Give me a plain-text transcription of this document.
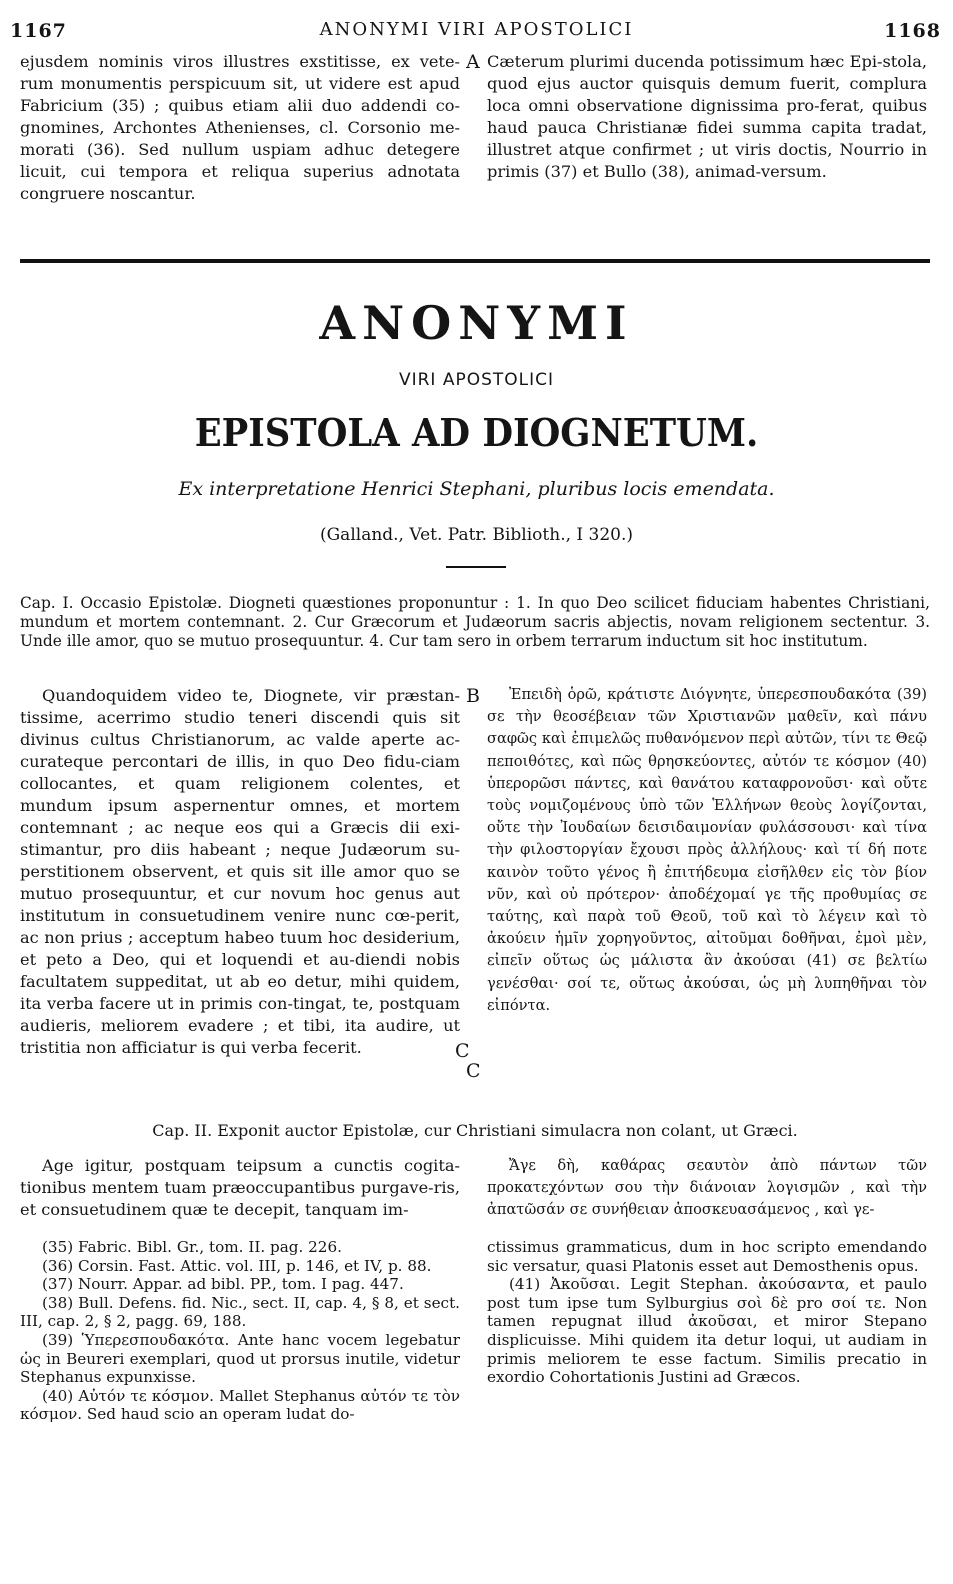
1167	ANONYMI VIRI APOSTOLICI	1168
ejusdem nominis viros illustres exstitisse, ex vete-rum monumentis perspicuum sit, ut videre est apud Fabricium (35) ; quibus etiam alii duo addendi co-gnomines, Archontes Athenienses, cl. Corsonio me-morati (36). Sed nullum uspiam adhuc detegere licuit, cui tempora et reliqua superius adnotata congruere noscantur.
A Cæterum plurimi ducenda potissimum hæc Epi-stola, quod ejus auctor quisquis demum fuerit, complura loca omni observatione dignissima pro-ferat, quibus haud pauca Christianæ fidei summa capita tradat, illustret atque confirmet ; ut viris doctis, Nourrio in primis (37) et Bullo (38), animad-versum.
ANONYMI
VIRI APOSTOLICI
EPISTOLA AD DIOGNETUM.
Ex interpretatione Henrici Stephani, pluribus locis emendata.
(Galland., Vet. Patr. Biblioth., I 320.)
Cap. I. Occasio Epistolæ. Diogneti quæstiones proponuntur : 1. In quo Deo scilicet fiduciam habentes Christiani, mundum et mortem contemnant. 2. Cur Græcorum et Judæorum sacris abjectis, novam religionem sectentur. 3. Unde ille amor, quo se mutuo prosequuntur. 4. Cur tam sero in orbem terrarum inductum sit hoc institutum.
Quandoquidem video te, Diognete, vir præstan-tissime, acerrimo studio teneri discendi quis sit divinus cultus Christianorum, ac valde aperte ac-curateque percontari de illis, in quo Deo fidu-ciam collocantes, et quam religionem colentes, et mundum ipsum aspernentur omnes, et mortem contemnant ; ac neque eos qui a Græcis dii exi-stimantur, pro diis habeant ; neque Judæorum su-perstitionem observent, et quis sit ille amor quo se mutuo prosequuntur, et cur novum hoc genus aut institutum in consuetudinem venire nunc cœ-perit, ac non prius ; acceptum habeo tuum hoc desiderium, et peto a Deo, qui et loquendi et au-diendi nobis facultatem suppeditat, ut ab eo detur, mihi quidem, ita verba facere ut in primis con-tingat, te, postquam audieris, meliorem evadere ; et tibi, ita audire, ut tristitia non afficiatur is qui verba fecerit.
B	Ἐπειδὴ ὁρῶ, κράτιστε Διόγνητε, ὑπερεσπουδακότα (39) σε τὴν θεοσέβειαν τῶν Χριστιανῶν μαθεῖν, καὶ πάνυ σαφῶς καὶ ἐπιμελῶς πυθανόμενον περὶ αὐτῶν, τίνι τε Θεῷ πεποιθότες, καὶ πῶς θρησκεύοντες, αὐτόν τε κόσμον (40) ὑπερορῶσι πάντες, καὶ θανάτου καταφρονοῦσι· καὶ οὔτε τοὺς νομιζομένους ὑπὸ τῶν Ἑλλήνων θεοὺς λογίζονται, οὔτε τὴν Ἰουδαίων δεισιδαιμονίαν φυλάσσουσι· καὶ τίνα τὴν φιλοστοργίαν ἔχουσι πρὸς ἀλλήλους· καὶ τί δή ποτε καινὸν τοῦτο γένος ἢ ἐπιτήδευμα εἰσῆλθεν εἰς τὸν βίον νῦν, καὶ οὐ πρότερον· ἀποδέχομαί γε τῆς προθυμίας σε ταύτης, καὶ παρὰ τοῦ Θεοῦ, τοῦ καὶ τὸ λέγειν καὶ τὸ ἀκούειν ἡμῖν χορηγοῦντος, αἰτοῦμαι δοθῆναι, ἐμοὶ μὲν, εἰπεῖν οὕτως ὡς μάλιστα ἂν ἀκούσαι (41) σε βελτίω γενέσθαι· σοί τε, οὕτως ἀκούσαι, ὡς μὴ λυπηθῆναι τὸν εἰπόντα.
C
C
Cap. II. Exponit auctor Epistolæ, cur Christiani simulacra non colant, ut Græci.
Age igitur, postquam teipsum a cunctis cogita-tionibus mentem tuam præoccupantibus purgave-ris, et consuetudinem quæ te decepit, tanquam im-
Ἄγε δὴ, καθάρας σεαυτὸν ἀπὸ πάντων τῶν προκατεχόντων σου τὴν διάνοιαν λογισμῶν , καὶ τὴν ἀπατῶσάν σε συνήθειαν ἀποσκευασάμενος , καὶ γε-

(35) Fabric. Bibl. Gr., tom. II. pag. 226.

(36) Corsin. Fast. Attic. vol. III, p. 146, et IV, p. 88.

(37) Nourr. Appar. ad bibl. PP., tom. I pag. 447.

(38) Bull. Defens. fid. Nic., sect. II, cap. 4, § 8, et sect. III, cap. 2, § 2, pagg. 69, 188.

(39) Ὑπερεσπουδακότα. Ante hanc vocem legebatur ὡς in Beureri exemplari, quod ut prorsus inutile, videtur Stephanus expunxisse.

(40) Αὐτόν τε κόσμον. Mallet Stephanus αὐτόν τε τὸν κόσμον. Sed haud scio an operam ludat do-

ctissimus grammaticus, dum in hoc scripto emendando sic versatur, quasi Platonis esset aut Demosthenis opus.

(41) Ἀκοῦσαι. Legit Stephan. ἀκούσαντα, et paulo post tum ipse tum Sylburgius σοὶ δὲ pro σοί τε. Non tamen repugnat illud ἀκοῦσαι, et miror Stepano displicuisse. Mihi quidem ita detur loqui, ut audiam in primis meliorem te esse factum. Similis precatio in exordio Cohortationis Justini ad Græcos.
